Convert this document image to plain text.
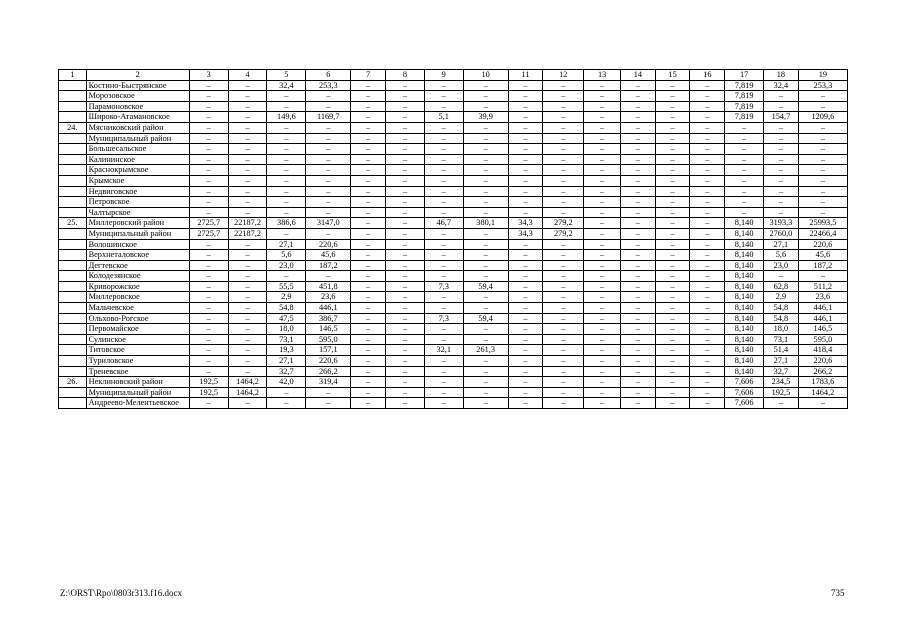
1	2	3	4	5	6	7	8	9	10	11	12	13	14	15	16	17	18	19
	Костино-Быстрянское	–	–	32,4	253,3	–	–	–	–	–	–	–	–	–	–	7,819	32,4	253,3
	Морозовское	–	–	–	–	–	–	–	–	–	–	–	–	–	–	7,819	–	–
	Парамоновское	–	–	–	–	–	–	–	–	–	–	–	–	–	–	7,819	–	–
	Широко-Атамановское	–	–	149,6	1169,7	–	–	5,1	39,9	–	–	–	–	–	–	7,819	154,7	1209,6
24.	Мясниковский район	–	–	–	–	–	–	–	–	–	–	–	–	–	–	–	–	–
	Муниципальный район	–	–	–	–	–	–	–	–	–	–	–	–	–	–	–	–	–
	Большесальское	–	–	–	–	–	–	–	–	–	–	–	–	–	–	–	–	–
	Калининское	–	–	–	–	–	–	–	–	–	–	–	–	–	–	–	–	–
	Краснокрымское	–	–	–	–	–	–	–	–	–	–	–	–	–	–	–	–	–
	Крымское	–	–	–	–	–	–	–	–	–	–	–	–	–	–	–	–	–
	Недвиговское	–	–	–	–	–	–	–	–	–	–	–	–	–	–	–	–	–
	Петровское	–	–	–	–	–	–	–	–	–	–	–	–	–	–	–	–	–
	Чалтырское	–	–	–	–	–	–	–	–	–	–	–	–	–	–	–	–	–
25.	Миллеровский район	2725,7	22187,2	386,6	3147,0	–	–	46,7	380,1	34,3	279,2	–	–	–	–	8,140	3193,3	25993,5
	Муниципальный район	2725,7	22187,2	–	–	–	–	–	–	34,3	279,2	–	–	–	–	8,140	2760,0	22466,4
	Волошинское	–	–	27,1	220,6	–	–	–	–	–	–	–	–	–	–	8,140	27,1	220,6
	Верхнеталовское	–	–	5,6	45,6	–	–	–	–	–	–	–	–	–	–	8,140	5,6	45,6
	Дегтевское	–	–	23,0	187,2	–	–	–	–	–	–	–	–	–	–	8,140	23,0	187,2
	Колодезянское	–	–	–	–	–	–	–	–	–	–	–	–	–	–	8,140	–	–
	Криворожское	–	–	55,5	451,8	–	–	7,3	59,4	–	–	–	–	–	–	8,140	62,8	511,2
	Миллеровское	–	–	2,9	23,6	–	–	–	–	–	–	–	–	–	–	8,140	2,9	23,6
	Мальчевское	–	–	54,8	446,1	–	–	–	–	–	–	–	–	–	–	8,140	54,8	446,1
	Ольховo-Рогское	–	–	47,5	386,7	–	–	7,3	59,4	–	–	–	–	–	–	8,140	54,8	446,1
	Первомайское	–	–	18,0	146,5	–	–	–	–	–	–	–	–	–	–	8,140	18,0	146,5
	Сулинское	–	–	73,1	595,0	–	–	–	–	–	–	–	–	–	–	8,140	73,1	595,0
	Титовское	–	–	19,3	157,1	–	–	32,1	261,3	–	–	–	–	–	–	8,140	51,4	418,4
	Туриловское	–	–	27,1	220,6	–	–	–	–	–	–	–	–	–	–	8,140	27,1	220,6
	Треневское	–	–	32,7	266,2	–	–	–	–	–	–	–	–	–	–	8,140	32,7	266,2
26.	Неклиновский район	192,5	1464,2	42,0	319,4	–	–	–	–	–	–	–	–	–	–	7,606	234,5	1783,6
	Муниципальный район	192,5	1464,2	–	–	–	–	–	–	–	–	–	–	–	–	7,606	192,5	1464,2
	Андреево-Мелентьевское	–	–	–	–	–	–	–	–	–	–	–	–	–	–	7,606	–	–
Z:\ORST\Rpo\0803r313.f16.docx	735
